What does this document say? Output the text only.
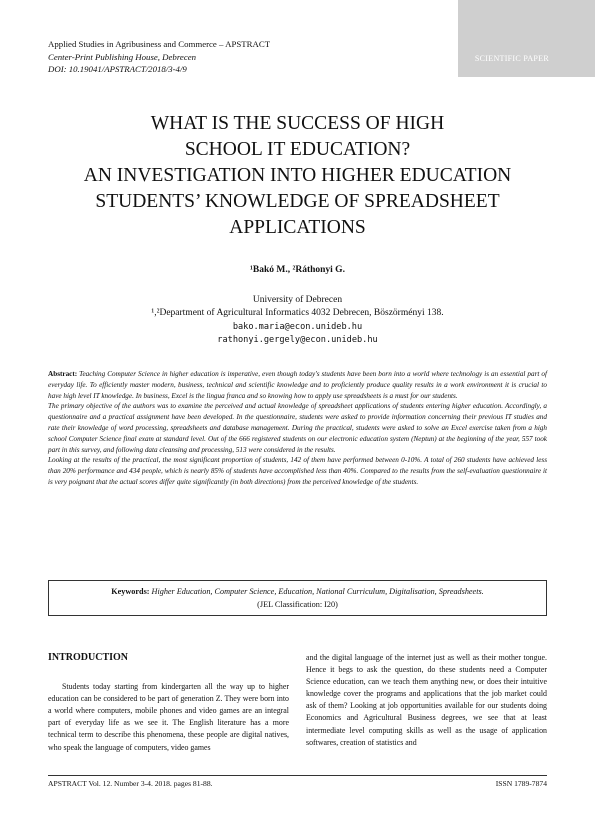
Applied Studies in Agribusiness and Commerce – APSTRACT
Center-Print Publishing House, Debrecen
DOI: 10.19041/APSTRACT/2018/3-4/9
SCIENTIFIC PAPER
WHAT IS THE SUCCESS OF HIGH
SCHOOL IT EDUCATION?
AN INVESTIGATION INTO HIGHER EDUCATION
STUDENTS’ KNOWLEDGE OF SPREADSHEET
APPLICATIONS
¹Bakó M., ²Ráthonyi G.
University of Debrecen
¹,²Department of Agricultural Informatics 4032 Debrecen, Böszörményi 138.
bako.maria@econ.unideb.hu
rathonyi.gergely@econ.unideb.hu

Abstract: Teaching Computer Science in higher education is imperative, even though today's students have been born into a world where technology is an essential part of everyday life. To efficiently master modern, business, technical and scientific knowledge and to proficiently produce quality results in a work environment it is crucial to have high level IT knowledge. In business, Excel is the lingua franca and so knowing how to apply use spreadsheets is a must for our students.

The primary objective of the authors was to examine the perceived and actual knowledge of spreadsheet applications of students entering higher education. Accordingly, a questionnaire and a practical assignment have been developed. In the questionnaire, students were asked to provide information concerning their previous IT studies and rate their knowledge of word processing, spreadsheets and database management. During the practical, students were asked to solve an Excel exercise taken from a high school Computer Science final exam at standard level. Out of the 666 registered students on our electronic education system (Neptun) at the beginning of the year, 557 took part in this survey, and following data cleansing and processing, 513 were considered in the results.

Looking at the results of the practical, the most significant proportion of students, 142 of them have performed between 0-10%. A total of 260 students have achieved less than 20% performance and 434 people, which is nearly 85% of students have accomplished less than 40%. Compared to the results from the self-evaluation questionnaire it is very poignant that the actual scores differ quite significantly (in both directions) from the perceived knowledge of the students.

Keywords: Higher Education, Computer Science, Education, National Curriculum, Digitalisation, Spreadsheets.
(JEL Classification: I20)
INTRODUCTION

Students today starting from kindergarten all the way up to higher education can be considered to be part of generation Z. They were born into a world where computers, mobile phones and video games are an integral part of everyday life as we see it. The English literature has a more technical term to describe this phenomena, these people are digital natives, who speak the language of computers, video games

and the digital language of the internet just as well as their mother tongue. Hence it begs to ask the question, do these students need a Computer Science education, can we teach them anything new, or does their intuitive knowledge cover the programs and applications that the job market could ask of them? Looking at job opportunities available for our students doing Economics and Agricultural Business degrees, we see that at least intermediate level computing skills as well as the usage of application softwares, creation of statistics and

APSTRACT Vol. 12. Number 3-4. 2018. pages 81-88.	ISSN 1789-7874
